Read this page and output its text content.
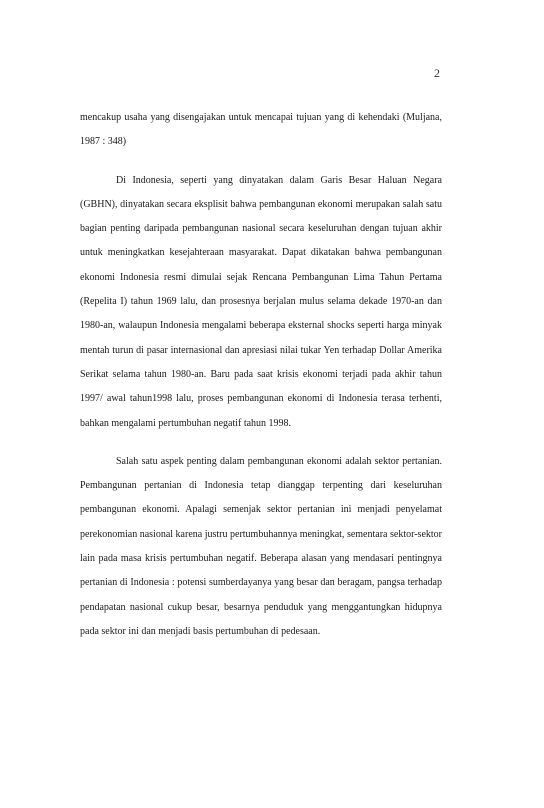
2

mencakup usaha yang disengajakan untuk mencapai tujuan yang di kehendaki (Muljana, 1987 : 348)

Di Indonesia, seperti yang dinyatakan dalam Garis Besar Haluan Negara (GBHN), dinyatakan secara eksplisit bahwa pembangunan ekonomi merupakan salah satu bagian penting daripada pembangunan nasional secara keseluruhan dengan tujuan akhir untuk meningkatkan kesejahteraan masyarakat. Dapat dikatakan bahwa pembangunan ekonomi Indonesia resmi dimulai sejak Rencana Pembangunan Lima Tahun Pertama (Repelita I) tahun 1969 lalu, dan prosesnya berjalan mulus selama dekade 1970-an dan 1980-an, walaupun Indonesia mengalami beberapa eksternal shocks seperti harga minyak mentah turun di pasar internasional dan apresiasi nilai tukar Yen terhadap Dollar Amerika Serikat selama tahun 1980-an. Baru pada saat krisis ekonomi terjadi pada akhir tahun 1997/ awal tahun1998 lalu, proses pembangunan ekonomi di Indonesia terasa terhenti, bahkan mengalami pertumbuhan negatif tahun 1998.

Salah satu aspek penting dalam pembangunan ekonomi adalah sektor pertanian. Pembangunan pertanian di Indonesia tetap dianggap terpenting dari keseluruhan pembangunan ekonomi. Apalagi semenjak sektor pertanian ini menjadi penyelamat perekonomian nasional karena justru pertumbuhannya meningkat, sementara sektor-sektor lain pada masa krisis pertumbuhan negatif. Beberapa alasan yang mendasari pentingnya pertanian di Indonesia : potensi sumberdayanya yang besar dan beragam, pangsa terhadap pendapatan nasional cukup besar, besarnya penduduk yang menggantungkan hidupnya pada sektor ini dan menjadi basis pertumbuhan di pedesaan.
